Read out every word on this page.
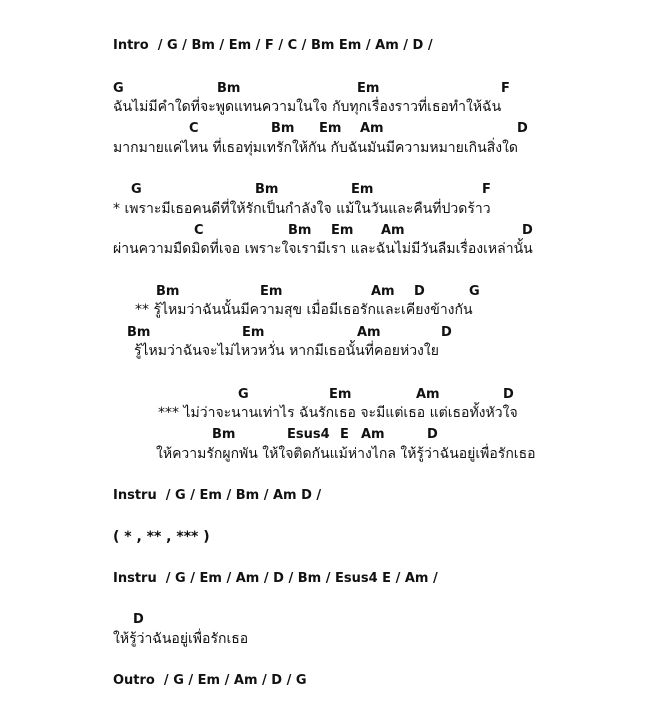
Intro  / G / Bm / Em / F / C / Bm Em / Am / D /
G	Bm	Em	F
ฉันไม่มีคำใดที่จะพูดแทนความในใจ กับทุกเรื่องราวที่เธอทำให้ฉัน
C	Bm Em Am	D
มากมายแค่ไหน ที่เธอทุ่มเทรักให้กัน กับฉันมันมีความหมายเกินสิ่งใด
G	Bm	Em	F
* เพราะมีเธอคนดีที่ให้รักเป็นกำลังใจ แม้ในวันและคืนที่ปวดร้าว
C	Bm Em Am	D
ผ่านความมืดมิดที่เจอ เพราะใจเรามีเรา และฉันไม่มีวันลืมเรื่องเหล่านั้น
Bm	Em	Am D	G
** รู้ไหมว่าฉันนั้นมีความสุข เมื่อมีเธอรักและเคียงข้างกัน
Bm	Em	Am	D
รู้ไหมว่าฉันจะไม่ไหวหวั่น หากมีเธอนั้นที่คอยห่วงใย
G	Em	Am	D
*** ไม่ว่าจะนานเท่าไร ฉันรักเธอ จะมีแต่เธอ แต่เธอทั้งหัวใจ
Bm	Esus4 E Am	D
ให้ความรักผูกพัน ให้ใจติดกันแม้ห่างไกล ให้รู้ว่าฉันอยู่เพื่อรักเธอ
Instru  / G / Em / Bm / Am D /
( * , ** , *** )
Instru  / G / Em / Am / D / Bm / Esus4 E / Am /
D
ให้รู้ว่าฉันอยู่เพื่อรักเธอ
Outro  / G / Em / Am / D / G
